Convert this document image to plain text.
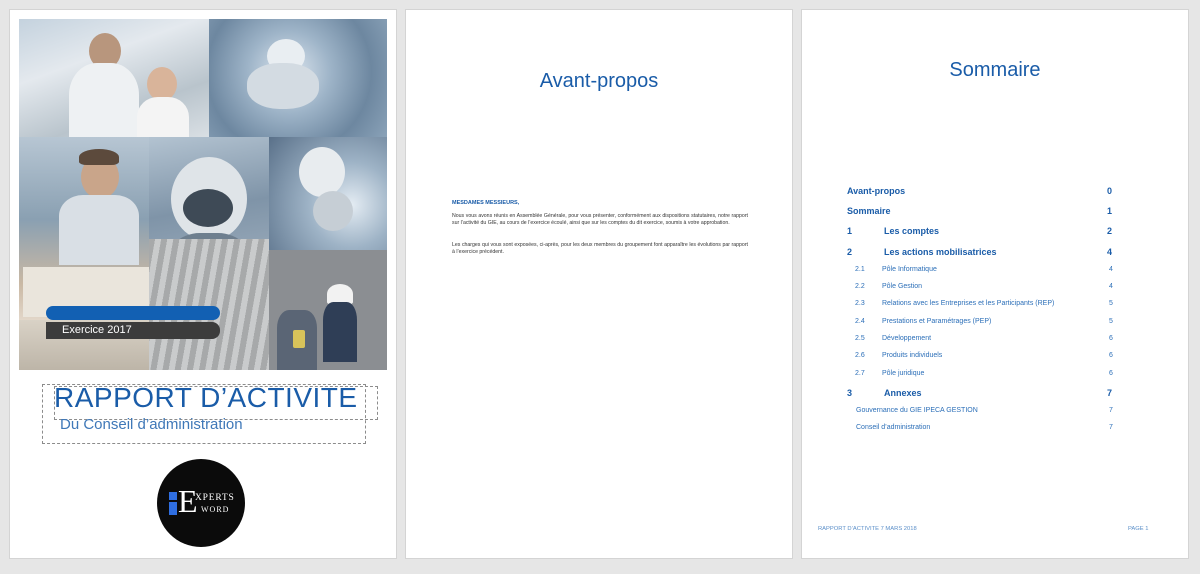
Exercice 2017
RAPPORT D’ACTIVITE
Du Conseil d’administration
E
XPERTS
WORD
Avant-propos
MESDAMES MESSIEURS,
Nous vous avons réunis en Assemblée Générale, pour vous présenter, conformément aux dispositions statutaires, notre rapport sur l’activité du GIE, au cours de l’exercice écoulé, ainsi que sur les comptes du dit exercice, soumis à votre approbation.
Les charges qui vous sont exposées, ci-après, pour les deux membres du groupement font apparaître les évolutions par rapport à l’exercice précédent.
Sommaire
Avant-propos	0
Sommaire	1
1	Les comptes	2
2	Les actions mobilisatrices	4
2.1 Pôle Informatique	4
2.2 Pôle Gestion	4
2.3 Relations avec les Entreprises et les Participants (REP)	5
2.4 Prestations et Paramétrages (PEP)	5
2.5 Développement	6
2.6 Produits individuels	6
2.7 Pôle juridique	6
3	Annexes	7
Gouvernance du GIE IPECA GESTION	7
Conseil d’administration	7
RAPPORT D’ACTIVITE 7 MARS 2018	PAGE 1
